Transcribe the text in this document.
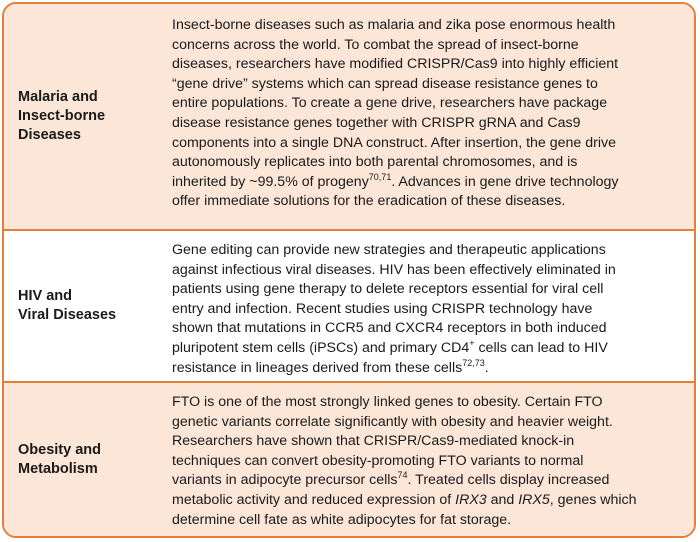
Malaria and
Insect-borne
Diseases
Insect-borne diseases such as malaria and zika pose enormous health
concerns across the world. To combat the spread of insect-borne
diseases, researchers have modified CRISPR/Cas9 into highly efficient
“gene drive” systems which can spread disease resistance genes to
entire populations. To create a gene drive, researchers have package
disease resistance genes together with CRISPR gRNA and Cas9
components into a single DNA construct. After insertion, the gene drive
autonomously replicates into both parental chromosomes, and is
inherited by ~99.5% of progeny$^{70,71}$. Advances in gene drive technology
offer immediate solutions for the eradication of these diseases.
HIV and
Viral Diseases
Gene editing can provide new strategies and therapeutic applications
against infectious viral diseases. HIV has been effectively eliminated in
patients using gene therapy to delete receptors essential for viral cell
entry and infection. Recent studies using CRISPR technology have
shown that mutations in CCR5 and CXCR4 receptors in both induced
pluripotent stem cells (iPSCs) and primary CD4+ cells can lead to HIV
resistance in lineages derived from these cells$^{72,73}$.
Obesity and
Metabolism
FTO is one of the most strongly linked genes to obesity. Certain FTO
genetic variants correlate significantly with obesity and heavier weight.
Researchers have shown that CRISPR/Cas9-mediated knock-in
techniques can convert obesity-promoting FTO variants to normal
variants in adipocyte precursor cells$^{74}$. Treated cells display increased
metabolic activity and reduced expression of IRX3 and IRX5, genes which
determine cell fate as white adipocytes for fat storage.
